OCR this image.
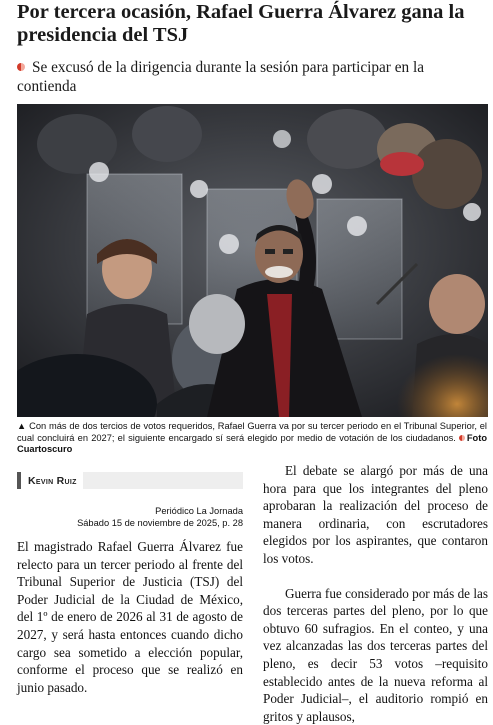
Por tercera ocasión, Rafael Guerra Álvarez gana la presidencia del TSJ
Se excusó de la dirigencia durante la sesión para participar en la contienda
▲ Con más de dos tercios de votos requeridos, Rafael Guerra va por su tercer periodo en el Tribunal Superior, el cual concluirá en 2027; el siguiente encargado sí será elegido por medio de votación de los ciudadanos. Foto Cuartoscuro
Kevin Ruiz
Periódico La Jornada
Sábado 15 de noviembre de 2025, p. 28

El magistrado Rafael Guerra Álvarez fue relecto para un tercer periodo al frente del Tribunal Superior de Justicia (TSJ) del Poder Judicial de la Ciudad de México, del 1º de enero de 2026 al 31 de agosto de 2027, y será hasta entonces cuando dicho cargo sea sometido a elección popular, conforme el proceso que se realizó en junio pasado.

El debate se alargó por más de una hora para que los integrantes del pleno aprobaran la realización del proceso de manera ordinaria, con escrutadores elegidos por los aspirantes, que contaron los votos.

Guerra fue considerado por más de las dos terceras partes del pleno, por lo que obtuvo 60 sufragios. En el conteo, y una vez alcanzadas las dos terceras partes del pleno, es decir 53 votos –requisito establecido antes de la nueva reforma al Poder Judicial–, el auditorio rompió en gritos y aplausos,
